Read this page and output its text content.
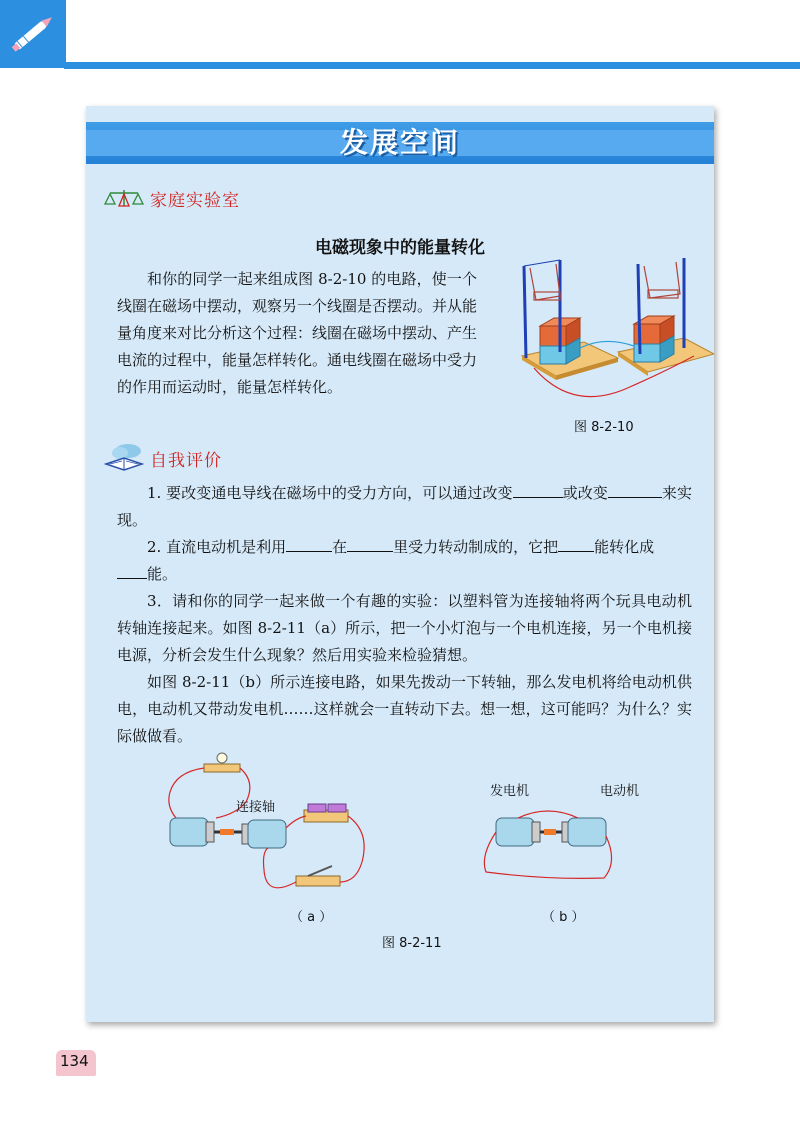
发展空间
家庭实验室
电磁现象中的能量转化
和你的同学一起来组成图 8-2-10 的电路，使一个线圈在磁场中摆动，观察另一个线圈是否摆动。并从能量角度来对比分析这个过程：线圈在磁场中摆动、产生电流的过程中，能量怎样转化。通电线圈在磁场中受力的作用而运动时，能量怎样转化。
图 8-2-10
自我评价
1. 要改变通电导线在磁场中的受力方向，可以通过改变	或改变	来实现。
2. 直流电动机是利用	在	里受力转动制成的，它把 能转化成
能。
3．请和你的同学一起来做一个有趣的实验：以塑料管为连接轴将两个玩具电动机转轴连接起来。如图 8-2-11（a）所示，把一个小灯泡与一个电机连接，另一个电机接电源，分析会发生什么现象？然后用实验来检验猜想。
如图 8-2-11（b）所示连接电路，如果先拨动一下转轴，那么发电机将给电动机供电，电动机又带动发电机……这样就会一直转动下去。想一想，这可能吗？为什么？实际做做看。
连接轴
（ a ）
发电机	电动机
（ b ）
图 8-2-11
134
